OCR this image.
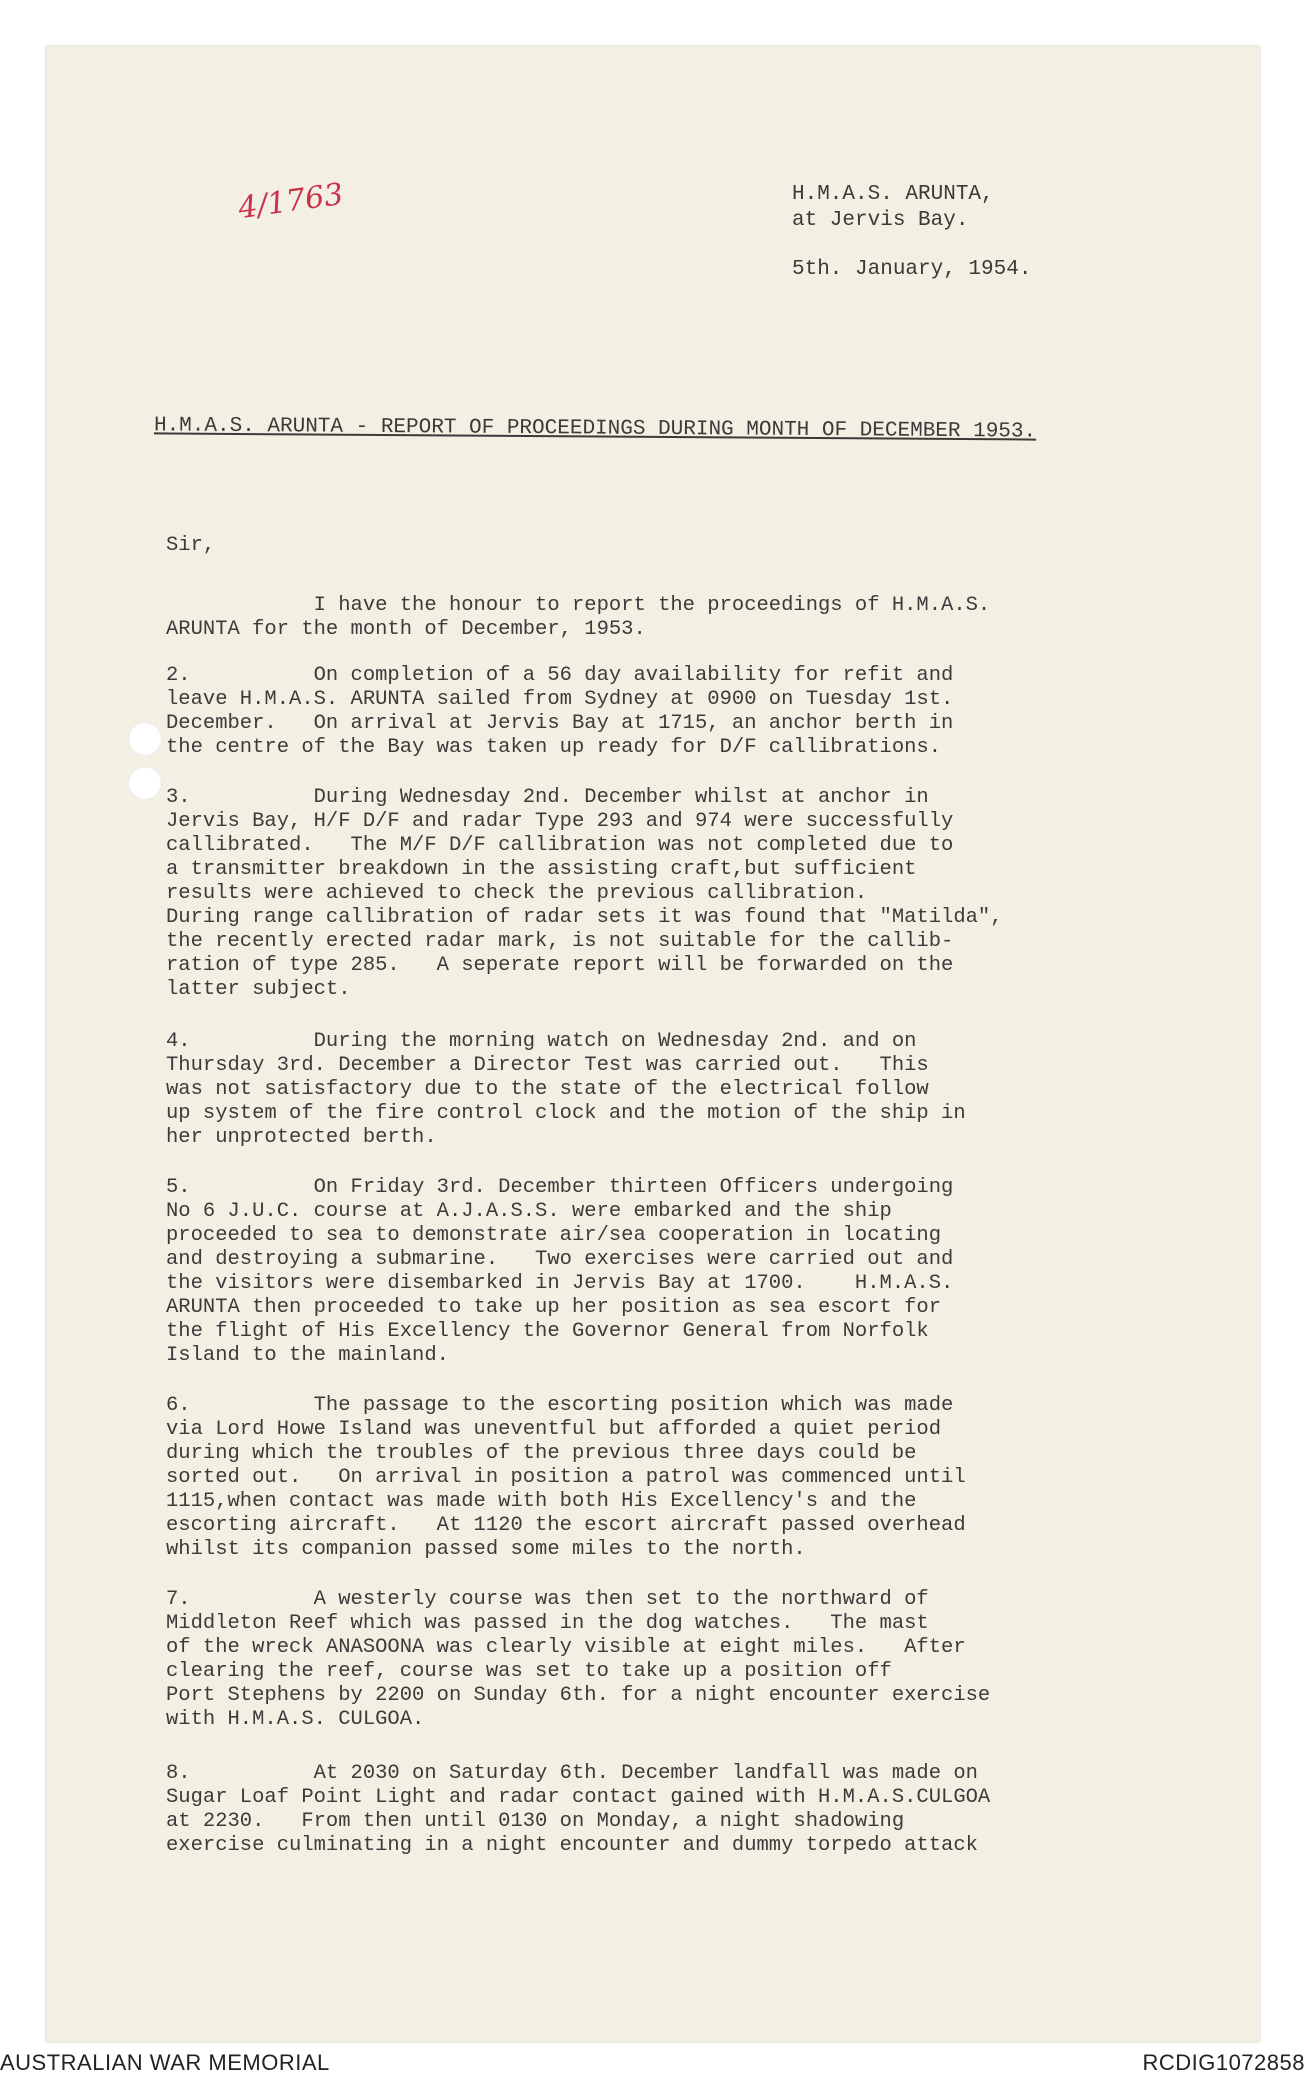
4/1763	H.M.A.S. ARUNTA,
at Jervis Bay.
5th. January, 1954.
H.M.A.S. ARUNTA - REPORT OF PROCEEDINGS DURING MONTH OF DECEMBER 1953.
Sir,
I have the honour to report the proceedings of H.M.A.S.
ARUNTA for the month of December, 1953.
2.          On completion of a 56 day availability for refit and
leave H.M.A.S. ARUNTA sailed from Sydney at 0900 on Tuesday 1st.
December.   On arrival at Jervis Bay at 1715, an anchor berth in
the centre of the Bay was taken up ready for D/F callibrations.
3.          During Wednesday 2nd. December whilst at anchor in
Jervis Bay, H/F D/F and radar Type 293 and 974 were successfully
callibrated.   The M/F D/F callibration was not completed due to
a transmitter breakdown in the assisting craft,but sufficient
results were achieved to check the previous callibration.
During range callibration of radar sets it was found that "Matilda",
the recently erected radar mark, is not suitable for the callib-
ration of type 285.   A seperate report will be forwarded on the
latter subject.
4.          During the morning watch on Wednesday 2nd. and on
Thursday 3rd. December a Director Test was carried out.   This
was not satisfactory due to the state of the electrical follow
up system of the fire control clock and the motion of the ship in
her unprotected berth.
5.          On Friday 3rd. December thirteen Officers undergoing
No 6 J.U.C. course at A.J.A.S.S. were embarked and the ship
proceeded to sea to demonstrate air/sea cooperation in locating
and destroying a submarine.   Two exercises were carried out and
the visitors were disembarked in Jervis Bay at 1700.    H.M.A.S.
ARUNTA then proceeded to take up her position as sea escort for
the flight of His Excellency the Governor General from Norfolk
Island to the mainland.
6.          The passage to the escorting position which was made
via Lord Howe Island was uneventful but afforded a quiet period
during which the troubles of the previous three days could be
sorted out.   On arrival in position a patrol was commenced until
1115,when contact was made with both His Excellency's and the
escorting aircraft.   At 1120 the escort aircraft passed overhead
whilst its companion passed some miles to the north.
7.          A westerly course was then set to the northward of
Middleton Reef which was passed in the dog watches.   The mast
of the wreck ANASOONA was clearly visible at eight miles.   After
clearing the reef, course was set to take up a position off
Port Stephens by 2200 on Sunday 6th. for a night encounter exercise
with H.M.A.S. CULGOA.
8.          At 2030 on Saturday 6th. December landfall was made on
Sugar Loaf Point Light and radar contact gained with H.M.A.S.CULGOA
at 2230.   From then until 0130 on Monday, a night shadowing
exercise culminating in a night encounter and dummy torpedo attack
AUSTRALIAN WAR MEMORIAL	RCDIG1072858
